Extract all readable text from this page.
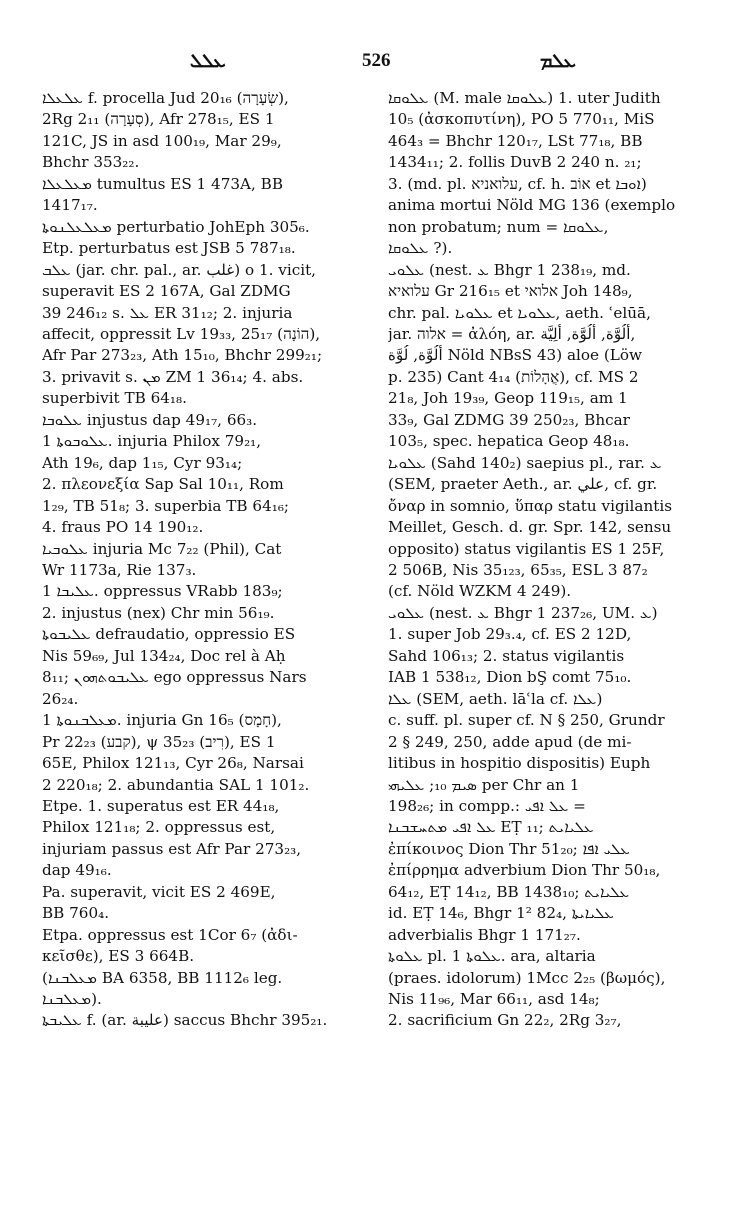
ܥܠܠ	526	ܥܠܡ
ܥܠܥܠܐ f. procella Jud 20₁₆ (שְׂעָרָה),
2Rg 2₁₁ (סְעָרָה), Afr 278₁₅, ES 1
121C, JS in asd 100₁₉, Mar 29₉,
Bhchr 353₂₂.
ܡܥܠܥܠܐ tumultus ES 1 473A, BB
1417₁₇.
ܡܥܠܥܠܢܘܬܐ perturbatio JohEph 305₆.
Etp. perturbatus est JSB 5 787₁₈.
ܥܠܒ (jar. chr. pal., ar. غلب) o 1. vicit,
superavit ES 2 167A, Gal ZDMG
39 246₁₂ s. ܥܠ ER 31₁₂; 2. injuria
affecit, oppressit Lv 19₃₃, 25₁₇ (הוֹנָה),
Afr Par 273₂₃, Ath 15₁₀, Bhchr 299₂₁;
3. privavit s. ܡܢ ZM 1 36₁₄; 4. abs.
superbivit TB 64₁₈.
ܥܠܘܒܐ injustus dap 49₁₇, 66₃.
ܥܠܘܒܘܬܐ 1. injuria Philox 79₂₁,
Ath 19₆, dap 1₁₅, Cyr 93₁₄;
2. πλεονεξία Sap Sal 10₁₁, Rom
1₂₉, TB 51₈; 3. superbia TB 64₁₆;
4. fraus PO 14 190₁₂.
ܥܠܘܒܝܐ injuria Mc 7₂₂ (Phil), Cat
Wr 1173a, Rie 137₃.
ܥܠܝܒܐ 1. oppressus VRabb 183₉;
2. injustus (nex) Chr min 56₁₉.
ܥܠܝܒܘܬܐ defraudatio, oppressio ES
Nis 59₆₉, Jul 134₂₄, Doc rel à Aḥ
8₁₁; ܥܠܝܒܘܬܗܘܢ ego oppressus Nars
26₂₄.
ܡܥܠܒܢܘܬܐ 1. injuria Gn 16₅ (חָמָס),
Pr 22₂₃ (קבע), ψ 35₂₃ (רִיב), ES 1
65E, Philox 121₁₃, Cyr 26₈, Narsai
2 220₁₈; 2. abundantia SAL 1 101₂.
Etpe. 1. superatus est ER 44₁₈,
Philox 121₁₈; 2. oppressus est,
injuriam passus est Afr Par 273₂₃,
dap 49₁₆.
Pa. superavit, vicit ES 2 469E,
BB 760₄.
Etpa. oppressus est 1Cor 6₇ (ἀδι-
κεῖσθε), ES 3 664B.
(ܡܥܠܒܢܐ BA 6358, BB 1112₆ leg.
ܡܥܠܒܢܐ).
ܥܠܝܒܬܐ f. (ar. عليبة) saccus Bhchr 395₂₁.
ܥܠܘܩܐ (M. male ܥܠܘܩܐ) 1. uter Judith
10₅ (ἀσκοπυτίνη), PO 5 770₁₁, MiS
464₃ = Bhchr 120₁₇, LSt 77₁₈, BB
1434₁₁; 2. follis DuvB 2 240 n. ₂₁;
3. (md. pl. עלואניא, cf. h. אוֹב et ܐܘܒܐ)
anima mortui Nöld MG 136 (exemplo
non probatum; num = ܥܠܘܩܐ,
ܥܠܘܩܐ ?).
ܥܠܘܝ (nest. ܥ Bhgr 1 238₁₉, md.
עלואיא Gr 216₁₅ et אלואי Joh 148₉,
chr. pal. ܥܠܘܝܐ et ܥܠܘܝܐ, aeth. ʿelūā,
jar. אלוה = ἀλόη, ar. أَلُوَّة, أَلُوَّة, أَلِيَّة,
أَلُوَّة, لُوَّة Nöld NBsS 43) aloe (Löw
p. 235) Cant 4₁₄ (אֲהָלוֹת), cf. MS 2
21₈, Joh 19₃₉, Geop 119₁₅, am 1
33₉, Gal ZDMG 39 250₂₃, Bhcar
103₅, spec. hepatica Geop 48₁₈.
ܥܠܘܝܐ (Sahd 140₂) saepius pl., rar. ܥ
(SEM, praeter Aeth., ar. علي, cf. gr.
ὄναρ in somnio, ὕπαρ statu vigilantis
Meillet, Gesch. d. gr. Spr. 142, sensu
opposito) status vigilantis ES 1 25F,
2 506B, Nis 35₁₂₃, 65₃₅, ESL 3 87₂
(cf. Nöld WZKM 4 249).
ܥܠܘܝ (nest. ܥ Bhgr 1 237₂₆, UM. ܥ)
1. super Job 29₃.₄, cf. ES 2 12D,
Sahd 106₁₃; 2. status vigilantis
IAB 1 538₁₂, Dion bŞ comt 75₁₀.
ܥܠܐ (SEM, aeth. lāʿla cf. ܥܠܐ)
c. suff. pl. super cf. N § 250, Grundr
2 § 249, 250, adde apud (de mi-
litibus in hospitio dispositis) Euph
ܣܝܡ ₁₀; ܥܠܝܗܝ per Chr an 1
198₂₆; in compp.: ܥܠ ܐܦܝ =
ܥܠ ܐܦܝ ܡܬܚܫܒܢܐ EṬ ₁₁; ܥܠܝܐܝܬ
ἐπίκοινος Dion Thr 51₂₀; ܥܠܝ ܐܦܐ
ἐπίρρημα adverbium Dion Thr 50₁₈,
64₁₂, EṬ 14₁₂, BB 1438₁₀; ܥܠܝܐܝܬ
id. EṬ 14₆, Bhgr 1² 82₄, ܥܠܝܐܝܬܐ
adverbialis Bhgr 1 171₂₇.
ܥܠܘܬܐ pl. ܥܠܘܬܐ 1. ara, altaria
(praes. idolorum) 1Mcc 2₂₅ (βωμός),
Nis 11₉₆, Mar 66₁₁, asd 14₈;
2. sacrificium Gn 22₂, 2Rg 3₂₇,
